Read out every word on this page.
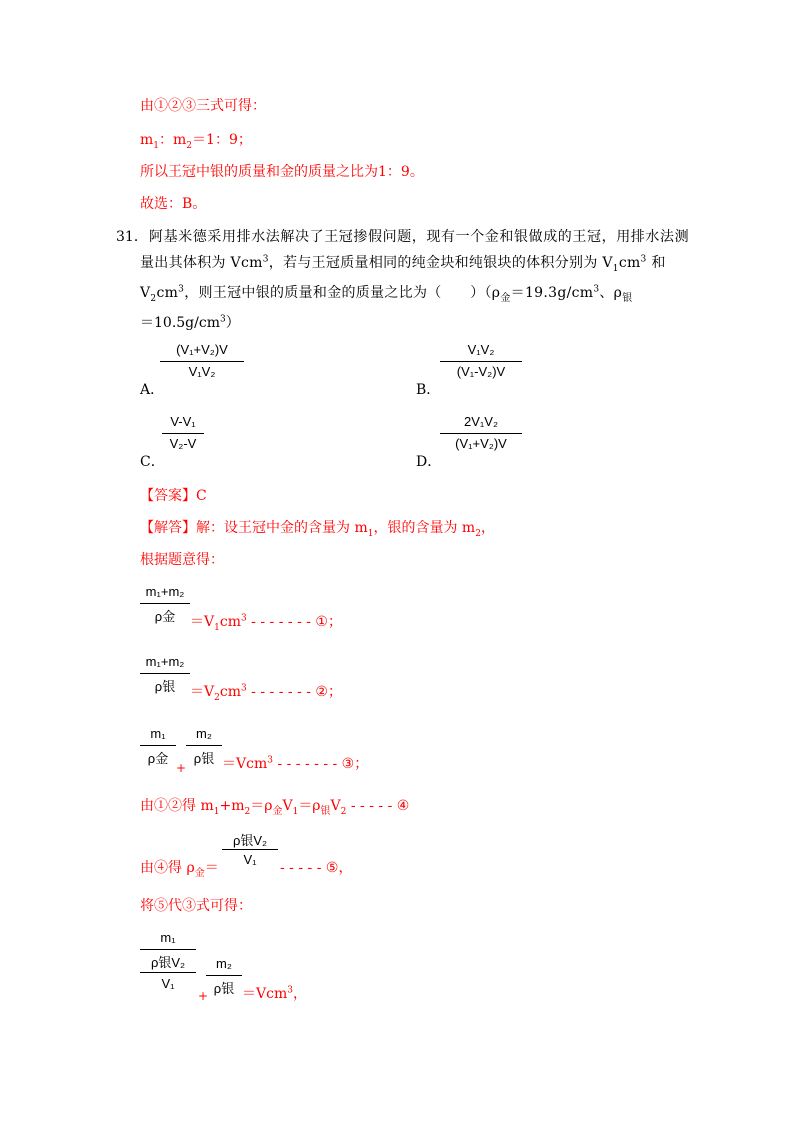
由①②③三式可得：
$m_1$：$m_2=1$：9；
所以王冠中银的质量和金的质量之比为1：9。
故选：B。
31． 阿基米德采用排水法解决了王冠掺假问题，现有一个金和银做成的王冠，用排水法测
量出其体积为 Vcm$^3$，若与王冠质量相同的纯金块和纯银块的体积分别为 $V_1cm^3$ 和
$V_2cm^3$，则王冠中银的质量和金的质量之比为（　　）（$\rho_金=19.3g/cm^3$、$\rho_银$
$=10.5g/cm^3$）
(V₁+V₂)V
V₁V₂
A．
V₁V₂
(V₁-V₂)V
B．
V-V₁
V₂-V
C．
2V₁V₂
(V₁+V₂)V
D．
【答案】C
【解答】解：设王冠中金的含量为 $m_1$，银的含量为 $m_2$，
根据题意得：
m₁+m₂
ρ金	$=V_1cm^3$ - - - - - - - ①；
m₁+m₂
ρ银	$=V_2cm^3$ - - - - - - - ②；
m₁
ρ金
+
m₂
ρ银 ＝Vcm$^3$ - - - - - - - ③；
由①②得 $m_1+m_2=\rho_金V_1=\rho_银V_2$ - - - - - ④
ρ银V₂
V₁
由④得 $\rho_金=$	- - - - - ⑤，
将⑤代③式可得：
m₁
ρ银V₂
V₁
+
m₂
ρ银 ＝Vcm$^3$，
